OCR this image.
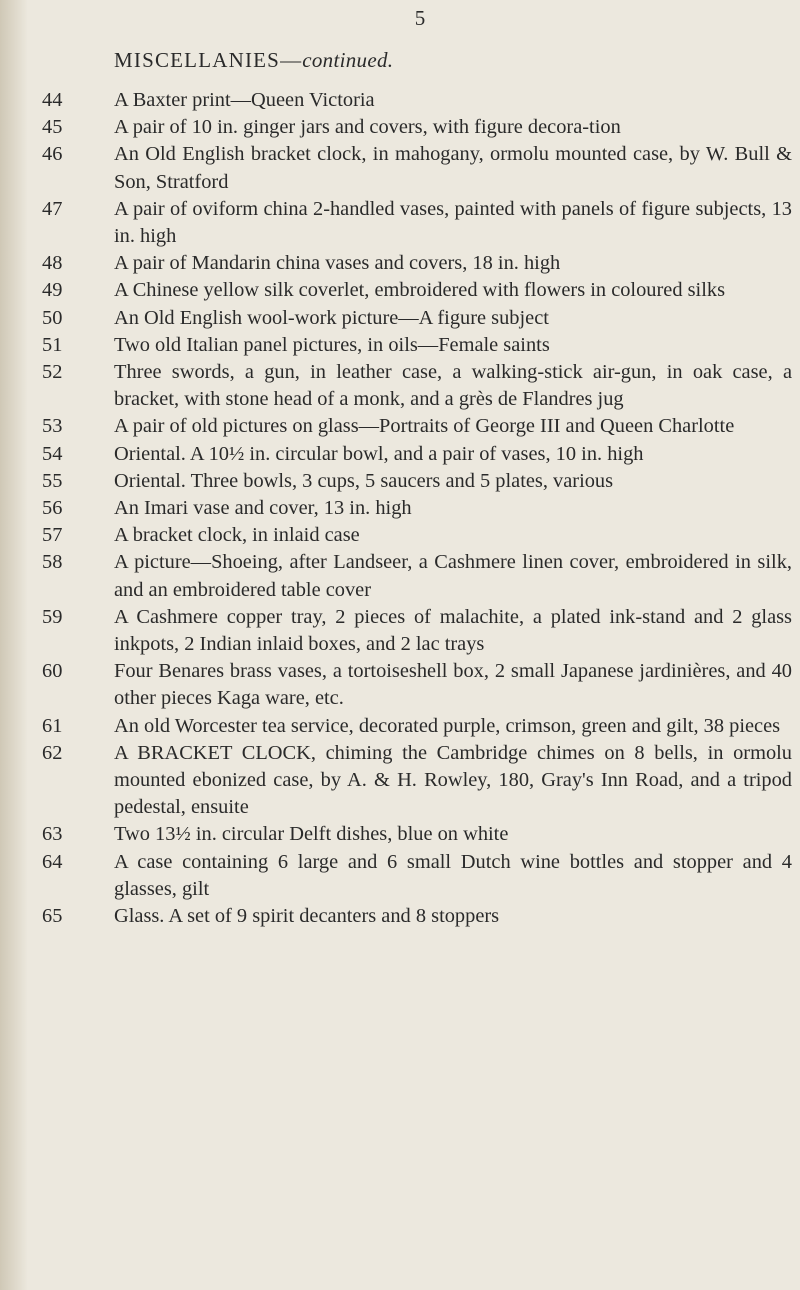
5
MISCELLANIES—continued.
44	A Baxter print—Queen Victoria
45	A pair of 10 in. ginger jars and covers, with figure decora-tion
46	An Old English bracket clock, in mahogany, ormolu mounted case, by W. Bull & Son, Stratford
47	A pair of oviform china 2-handled vases, painted with panels of figure subjects, 13 in. high
48	A pair of Mandarin china vases and covers, 18 in. high
49	A Chinese yellow silk coverlet, embroidered with flowers in coloured silks
50	An Old English wool-work picture—A figure subject
51	Two old Italian panel pictures, in oils—Female saints
52	Three swords, a gun, in leather case, a walking-stick air-gun, in oak case, a bracket, with stone head of a monk, and a grès de Flandres jug
53	A pair of old pictures on glass—Portraits of George III and Queen Charlotte
54	Oriental. A 10½ in. circular bowl, and a pair of vases, 10 in. high
55	Oriental. Three bowls, 3 cups, 5 saucers and 5 plates, various
56	An Imari vase and cover, 13 in. high
57	A bracket clock, in inlaid case
58	A picture—Shoeing, after Landseer, a Cashmere linen cover, embroidered in silk, and an embroidered table cover
59	A Cashmere copper tray, 2 pieces of malachite, a plated ink-stand and 2 glass inkpots, 2 Indian inlaid boxes, and 2 lac trays
60	Four Benares brass vases, a tortoiseshell box, 2 small Japanese jardinières, and 40 other pieces Kaga ware, etc.
61	An old Worcester tea service, decorated purple, crimson, green and gilt, 38 pieces
62	A BRACKET CLOCK, chiming the Cambridge chimes on 8 bells, in ormolu mounted ebonized case, by A. & H. Rowley, 180, Gray's Inn Road, and a tripod pedestal, ensuite
63	Two 13½ in. circular Delft dishes, blue on white
64	A case containing 6 large and 6 small Dutch wine bottles and stopper and 4 glasses, gilt
65	Glass. A set of 9 spirit decanters and 8 stoppers
